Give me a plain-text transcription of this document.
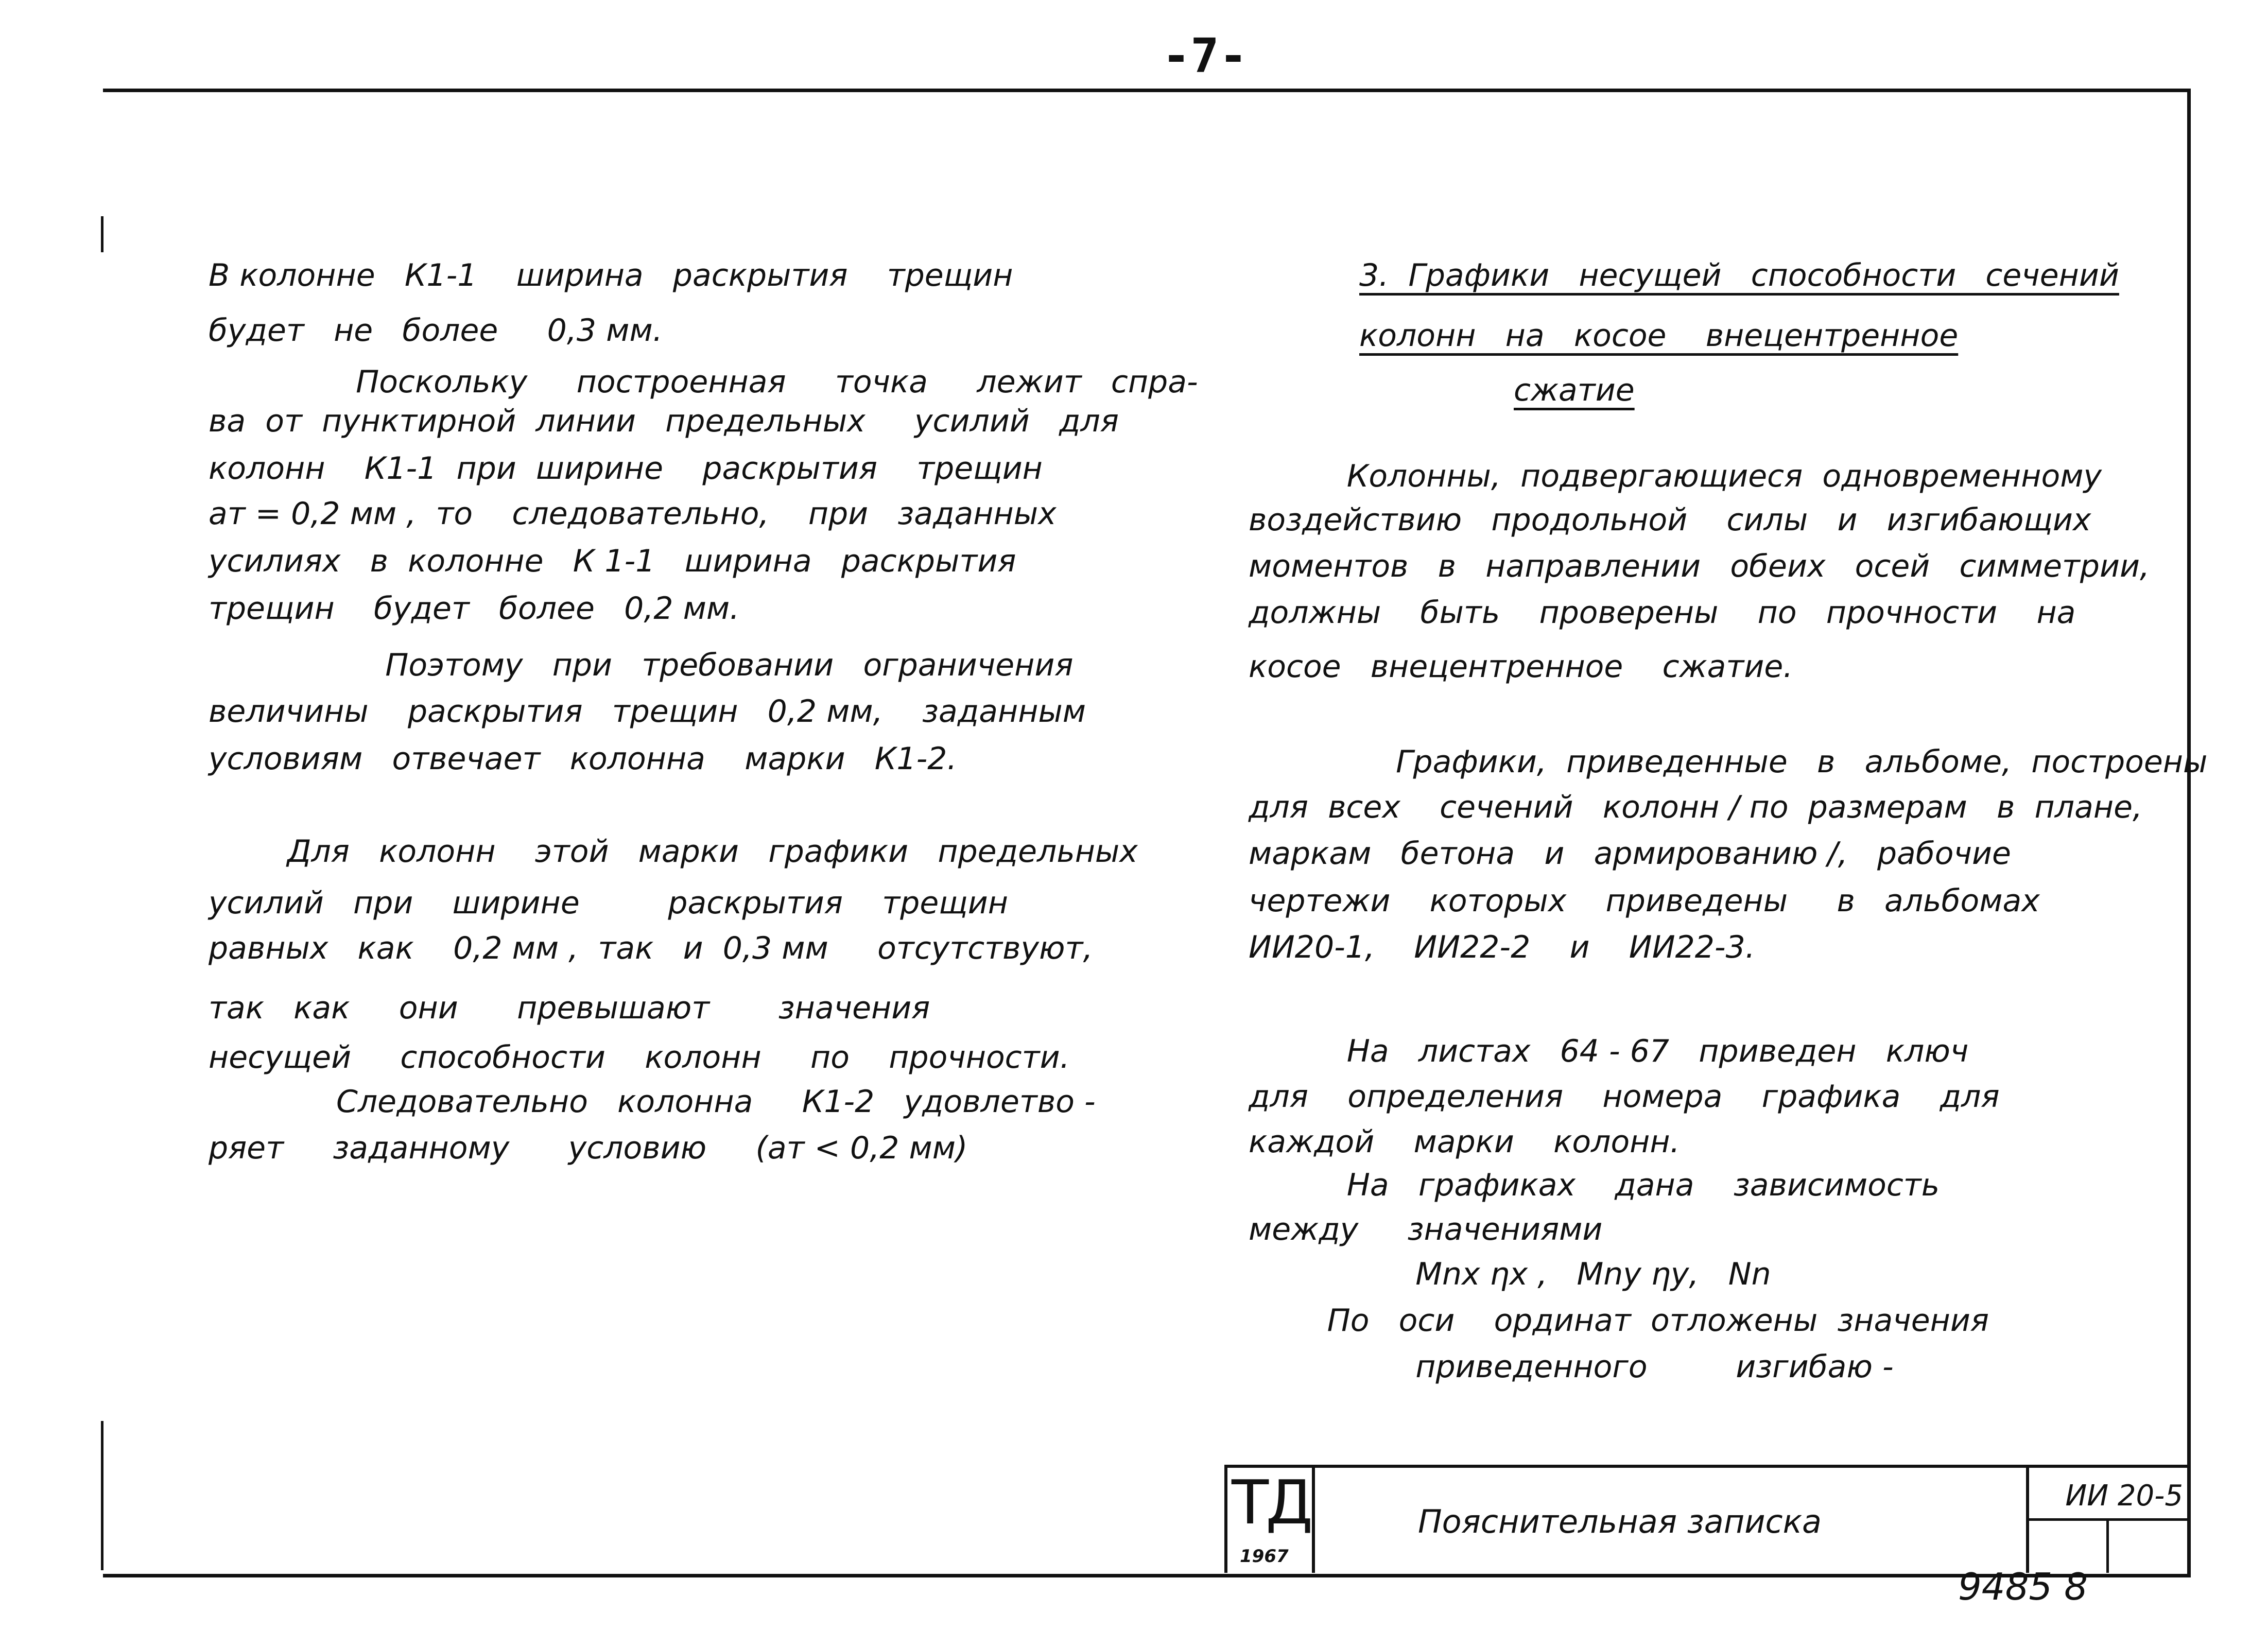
-7-
В колонне   К1-1    ширина   раскрытия    трещин
будет   не   более     0,3 мм.
Поскольку     построенная     точка     лежит   спра-
ва  от  пунктирной  линии   предельных     усилий   для
колонн    К1-1  при  ширине    раскрытия    трещин
ат = 0,2 мм ,  то    следовательно,    при   заданных
усилиях   в  колонне   К 1-1   ширина   раскрытия
трещин    будет   более   0,2 мм.
Поэтому   при   требовании   ограничения
величины    раскрытия   трещин   0,2 мм,    заданным
условиям   отвечает   колонна    марки   К1-2.
Для   колонн    этой   марки   графики   предельных
усилий   при    ширине         раскрытия    трещин
равных   как    0,2 мм ,  так   и  0,3 мм     отсутствуют,
так   как     они      превышают       значения
несущей     способности    колонн     по    прочности.
Следовательно   колонна     К1-2   удовлетво -
ряет     заданному      условию     (ат < 0,2 мм)
3.  Графики   несущей   способности   сечений
колонн   на   косое    внецентренное
сжатие
Колонны,  подвергающиеся  одновременному
воздействию   продольной    силы   и   изгибающих
моментов   в   направлении   обеих   осей   симметрии,
должны    быть    проверены    по   прочности    на
косое   внецентренное    сжатие.
Графики,  приведенные   в   альбоме,  построены
для  всех    сечений   колонн / по  размерам   в  плане,
маркам   бетона   и   армированию /,   рабочие
чертежи    которых    приведены     в   альбомах
ИИ20-1,    ИИ22-2    и    ИИ22-3.
На   листах   64 - 67   приведен   ключ
для    определения    номера    графика    для
каждой    марки    колонн.
На   графиках    дана    зависимость
между     значениями
Мnх ηх ,   Мnу ηу,   Nn
По   оси    ординат  отложены  значения
приведенного         изгибаю -
ТД
1967
Пояснительная записка
ИИ 20-5
9485 8
